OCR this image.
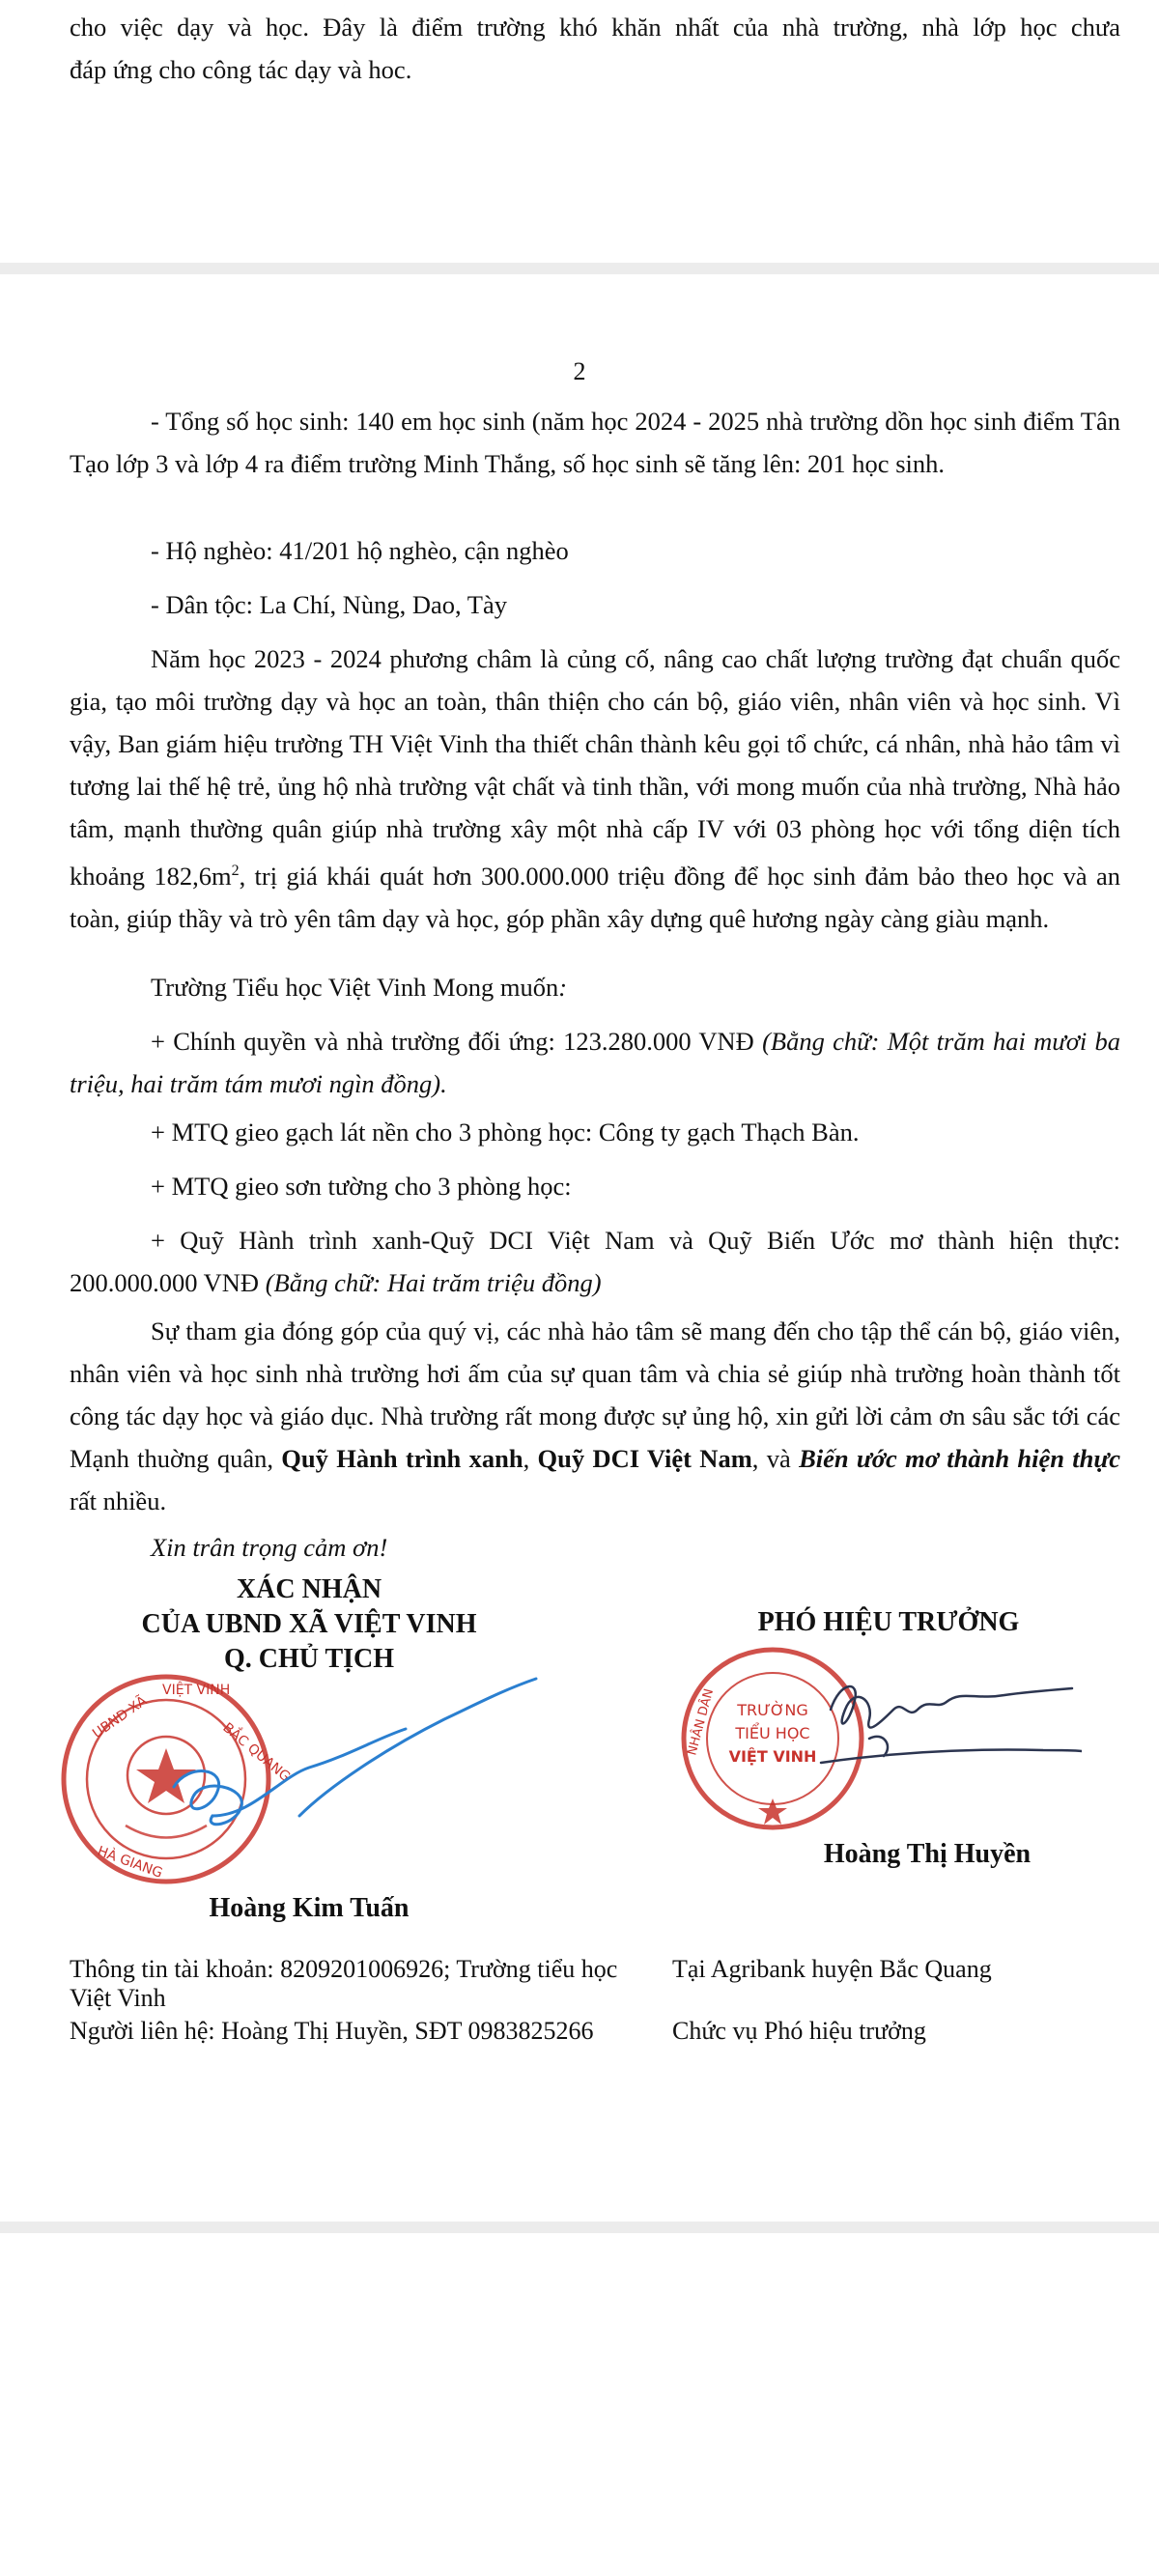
cho việc dạy và học. Đây là điểm trường khó khăn nhất của nhà trường, nhà lớp học chưa
đáp ứng cho công tác dạy và hoc.
2
- Tổng số học sinh: 140 em học sinh (năm học 2024 - 2025 nhà trường dồn học sinh điểm Tân Tạo lớp 3 và lớp 4 ra điểm trường Minh Thắng, số học sinh sẽ tăng lên: 201 học sinh.
- Hộ nghèo: 41/201 hộ nghèo, cận nghèo
- Dân tộc: La Chí, Nùng, Dao, Tày
Năm học 2023 - 2024 phương châm là củng cố, nâng cao chất lượng trường đạt chuẩn quốc gia, tạo môi trường dạy và học an toàn, thân thiện cho cán bộ, giáo viên, nhân viên và học sinh. Vì vậy, Ban giám hiệu trường TH Việt Vinh tha thiết chân thành kêu gọi tổ chức, cá nhân, nhà hảo tâm vì tương lai thế hệ trẻ, ủng hộ nhà trường vật chất và tinh thần, với mong muốn của nhà trường, Nhà hảo tâm, mạnh thường quân giúp nhà trường xây một nhà cấp IV với 03 phòng học với tổng diện tích khoảng $182,6m^2$, trị giá khái quát hơn 300.000.000 triệu đồng để học sinh đảm bảo theo học và an toàn, giúp thầy và trò yên tâm dạy và học, góp phần xây dựng quê hương ngày càng giàu mạnh.
Trường Tiểu học Việt Vinh Mong muốn:
+ Chính quyền và nhà trường đối ứng: 123.280.000 VNĐ (Bằng chữ: Một trăm hai mươi ba triệu, hai trăm tám mươi ngìn đồng).
+ MTQ gieo gạch lát nền cho 3 phòng học: Công ty gạch Thạch Bàn.
+ MTQ gieo sơn tường cho 3 phòng học:
+ Quỹ Hành trình xanh-Quỹ DCI Việt Nam và Quỹ Biến Ước mơ thành hiện thực: 200.000.000 VNĐ (Bằng chữ: Hai trăm triệu đồng)
Sự tham gia đóng góp của quý vị, các nhà hảo tâm sẽ mang đến cho tập thể cán bộ, giáo viên, nhân viên và học sinh nhà trường hơi ấm của sự quan tâm và chia sẻ giúp nhà trường hoàn thành tốt công tác dạy học và giáo dục. Nhà trường rất mong được sự ủng hộ, xin gửi lời cảm ơn sâu sắc tới các Mạnh thuờng quân, Quỹ Hành trình xanh, Quỹ DCI Việt Nam, và Biến ước mơ thành hiện thực rất nhiều.
Xin trân trọng cảm ơn!
XÁC NHẬN
CỦA UBND XÃ VIỆT VINH
Q. CHỦ TỊCH
UBND XÃ
VIỆT VINH
BẮC QUANG
HÀ GIANG
Hoàng Kim Tuấn
PHÓ HIỆU TRƯỞNG
TRƯỜNG
TIỂU HỌC
VIỆT VINH
NHÂN DÂN
Hoàng Thị Huyền
Thông tin tài khoản: 8209201006926; Trường tiểu học Việt Vinh
Tại Agribank huyện Bắc Quang
Người liên hệ: Hoàng Thị Huyền, SĐT 0983825266	Chức vụ Phó hiệu trưởng
